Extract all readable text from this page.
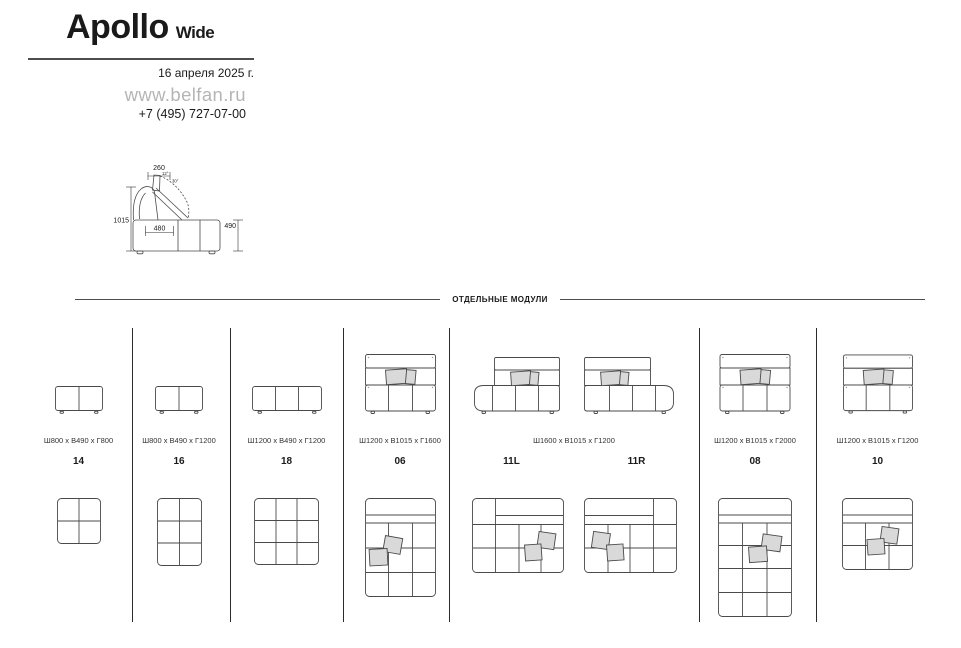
Apollo Wide
16 апреля 2025 г.
www.belfan.ru
+7 (495) 727-07-00
1015
260
490
480
12°
30°
ОТДЕЛЬНЫЕ МОДУЛИ
Ш800 x В490 x Г800
14
Ш800 x В490 x Г1200
16
Ш1200 x В490 x Г1200
18
Ш1200 x В1015 x Г1600
06
Ш1600 x В1015 x Г1200
11L	11R
Ш1200 x В1015 x Г2000
08
Ш1200 x В1015 x Г1200
10
